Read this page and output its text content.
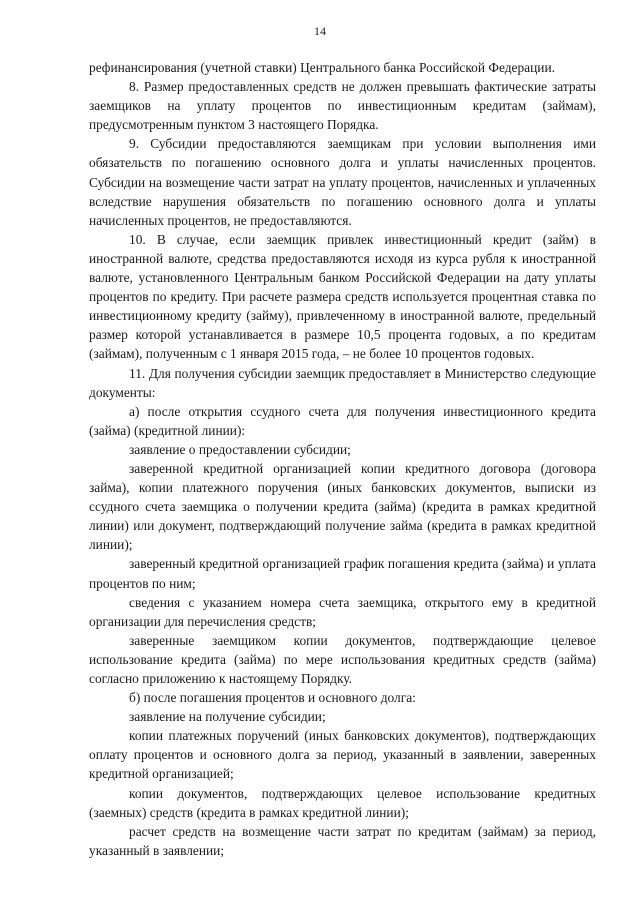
14

рефинансирования (учетной ставки) Центрального банка Российской Федерации.

8. Размер предоставленных средств не должен превышать фактические затраты заемщиков на уплату процентов по инвестиционным кредитам (займам), предусмотренным пунктом 3 настоящего Порядка.

9. Субсидии предоставляются заемщикам при условии выполнения ими обязательств по погашению основного долга и уплаты начисленных процентов. Субсидии на возмещение части затрат на уплату процентов, начисленных и уплаченных вследствие нарушения обязательств по погашению основного долга и уплаты начисленных процентов, не предоставляются.

10. В случае, если заемщик привлек инвестиционный кредит (займ) в иностранной валюте, средства предоставляются исходя из курса рубля к иностранной валюте, установленного Центральным банком Российской Федерации на дату уплаты процентов по кредиту. При расчете размера средств используется процентная ставка по инвестиционному кредиту (займу), привлеченному в иностранной валюте, предельный размер которой устанавливается в размере 10,5 процента годовых, а по кредитам (займам), полученным с 1 января 2015 года, – не более 10 процентов годовых.

11. Для получения субсидии заемщик предоставляет в Министерство следующие документы:

а) после открытия ссудного счета для получения инвестиционного кредита (займа) (кредитной линии):

заявление о предоставлении субсидии;

заверенной кредитной организацией копии кредитного договора (договора займа), копии платежного поручения (иных банковских документов, выписки из ссудного счета заемщика о получении кредита (займа) (кредита в рамках кредитной линии) или документ, подтверждающий получение займа (кредита в рамках кредитной линии);

заверенный кредитной организацией график погашения кредита (займа) и уплата процентов по ним;

сведения с указанием номера счета заемщика, открытого ему в кредитной организации для перечисления средств;

заверенные заемщиком копии документов, подтверждающие целевое использование кредита (займа) по мере использования кредитных средств (займа) согласно приложению к настоящему Порядку.

б) после погашения процентов и основного долга:

заявление на получение субсидии;

копии платежных поручений (иных банковских документов), подтверждающих оплату процентов и основного долга за период, указанный в заявлении, заверенных кредитной организацией;

копии документов, подтверждающих целевое использование кредитных (заемных) средств (кредита в рамках кредитной линии);

расчет средств на возмещение части затрат по кредитам (займам) за период, указанный в заявлении;
